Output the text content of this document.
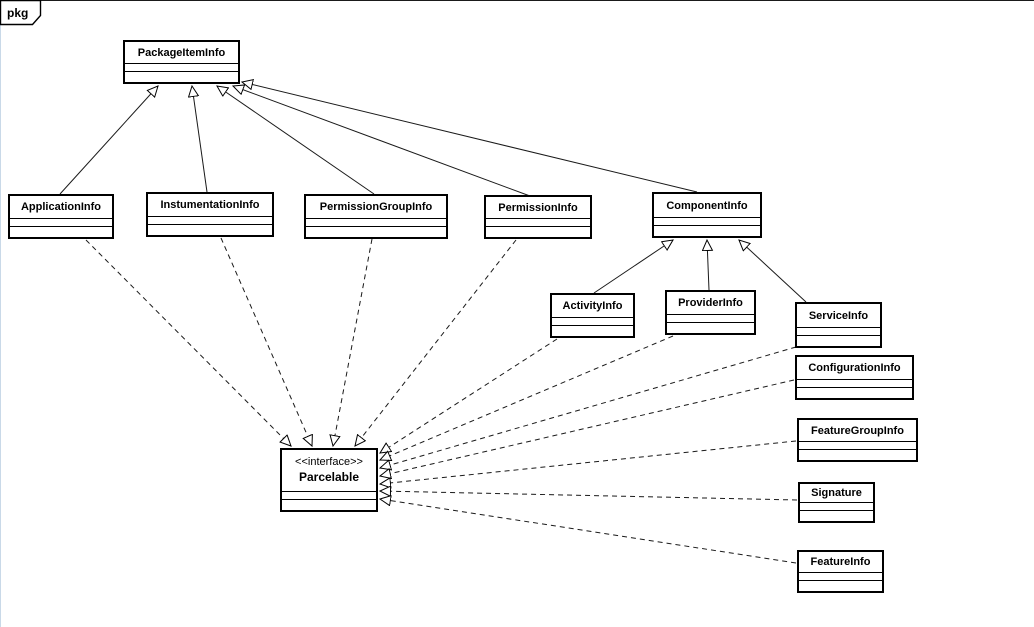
pkg
PackageItemInfo
ApplicationInfo	InstumentationInfo	PermissionGroupInfo	PermissionInfo	ComponentInfo
ActivityInfo	ProviderInfo
ServiceInfo
ConfigurationInfo
FeatureGroupInfo
Signature
FeatureInfo
<<interface>>
Parcelable
